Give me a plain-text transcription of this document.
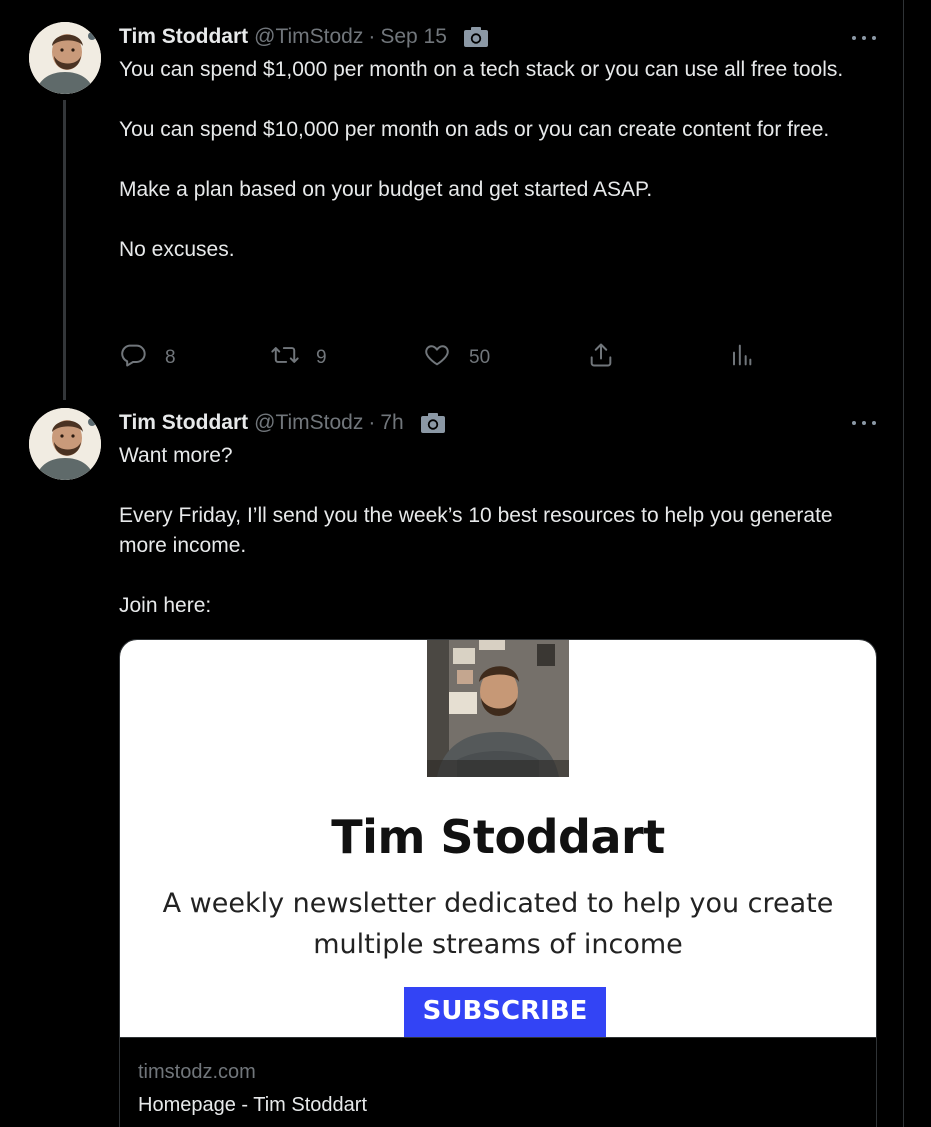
Tim Stoddart @TimStodz · Sep 15

You can spend $1,000 per month on a tech stack or you can use all free tools.

You can spend $10,000 per month on ads or you can create content for free.

Make a plan based on your budget and get started ASAP.

No excuses.

8	9	50
Tim Stoddart @TimStodz · 7h

Want more?

Every Friday, I’ll send you the week’s 10 best resources to help you generate more income.

Join here:

Tim Stoddart
A weekly newsletter dedicated to help you create
multiple streams of income
SUBSCRIBE
timstodz.com
Homepage - Tim Stoddart
